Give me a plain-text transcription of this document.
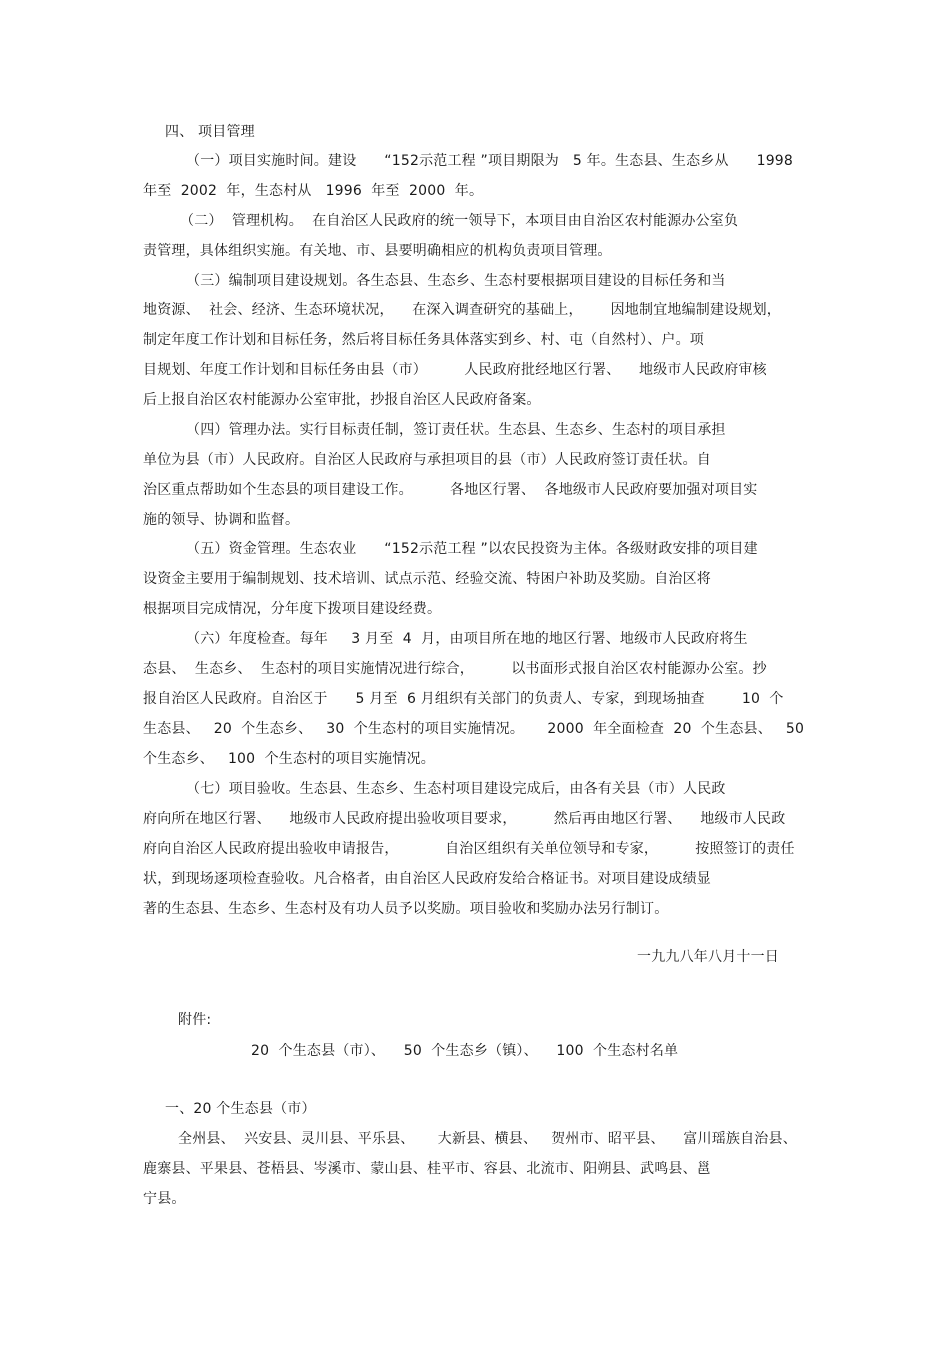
四、 项目管理
（一）项目实施时间。建设      “152示范工程 ”项目期限为   5 年。生态县、生态乡从      1998
年至  2002  年，生态村从   1996  年至  2000  年。
（二）  管理机构。  在自治区人民政府的统一领导下，本项目由自治区农村能源办公室负
责管理，具体组织实施。有关地、市、县要明确相应的机构负责项目管理。
（三）编制项目建设规划。各生态县、生态乡、生态村要根据项目建设的目标任务和当
地资源、  社会、经济、生态环境状况，    在深入调查研究的基础上，      因地制宜地编制建设规划，
制定年度工作计划和目标任务，然后将目标任务具体落实到乡、村、屯（自然村）、户。项
目规划、年度工作计划和目标任务由县（市）        人民政府批经地区行署、    地级市人民政府审核
后上报自治区农村能源办公室审批，抄报自治区人民政府备案。
（四）管理办法。实行目标责任制，签订责任状。生态县、生态乡、生态村的项目承担
单位为县（市）人民政府。自治区人民政府与承担项目的县（市）人民政府签订责任状。自
治区重点帮助如个生态县的项目建设工作。        各地区行署、  各地级市人民政府要加强对项目实
施的领导、协调和监督。
（五）资金管理。生态农业      “152示范工程 ”以农民投资为主体。各级财政安排的项目建
设资金主要用于编制规划、技术培训、试点示范、经验交流、特困户补助及奖励。自治区将
根据项目完成情况，分年度下拨项目建设经费。
（六）年度检查。每年     3 月至  4  月，由项目所在地的地区行署、地级市人民政府将生
态县、  生态乡、  生态村的项目实施情况进行综合，        以书面形式报自治区农村能源办公室。抄
报自治区人民政府。自治区于      5 月至  6 月组织有关部门的负责人、专家，到现场抽查        10  个
生态县、   20  个生态乡、   30  个生态村的项目实施情况。     2000  年全面检查  20  个生态县、   50
个生态乡、   100  个生态村的项目实施情况。
（七）项目验收。生态县、生态乡、生态村项目建设完成后，由各有关县（市）人民政
府向所在地区行署、    地级市人民政府提出验收项目要求，        然后再由地区行署、    地级市人民政
府向自治区人民政府提出验收申请报告，          自治区组织有关单位领导和专家，        按照签订的责任
状，到现场逐项检查验收。凡合格者，由自治区人民政府发给合格证书。对项目建设成绩显
著的生态县、生态乡、生态村及有功人员予以奖励。项目验收和奖励办法另行制订。
一九九八年八月十一日
附件:
20  个生态县（市）、    50  个生态乡（镇）、    100  个生态村名单
一、20 个生态县（市）
全州县、  兴安县、灵川县、平乐县、     大新县、横县、   贺州市、昭平县、    富川瑶族自治县、
鹿寨县、平果县、苍梧县、岑溪市、蒙山县、桂平市、容县、北流市、阳朔县、武鸣县、邕
宁县。
